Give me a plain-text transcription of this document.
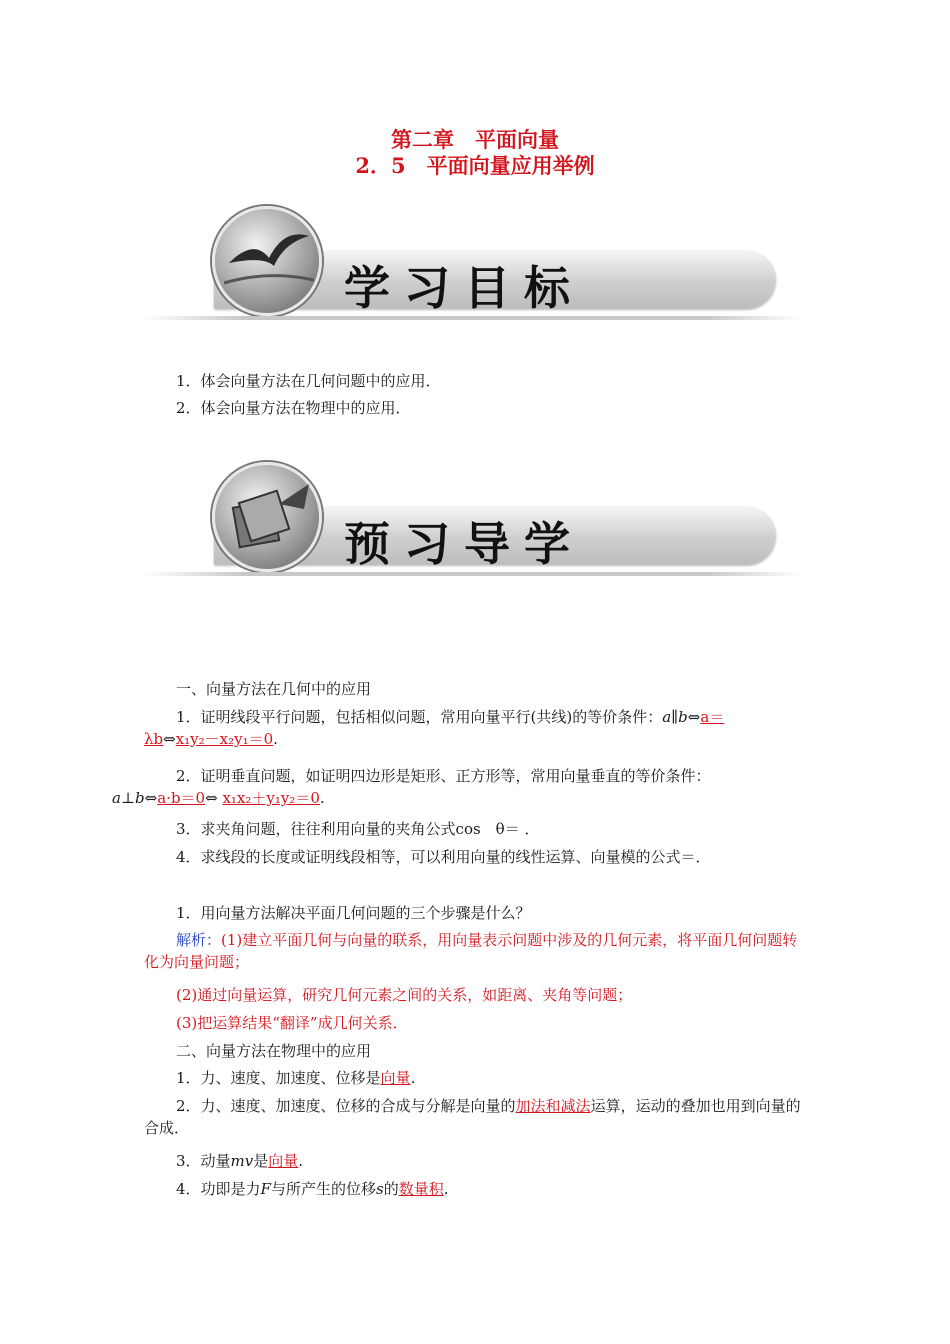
第二章　平面向量
2．5　平面向量应用举例
学习目标
1．体会向量方法在几何问题中的应用．
2．体会向量方法在物理中的应用．
预习导学
一、向量方法在几何中的应用
1．证明线段平行问题，包括相似问题，常用向量平行(共线)的等价条件：a∥b⇔a＝
λb⇔x₁y₂－x₂y₁＝0.
2．证明垂直问题，如证明四边形是矩形、正方形等，常用向量垂直的等价条件：
a⊥b⇔a·b＝0⇔ x₁x₂＋y₁y₂＝0.
3．求夹角问题，往往利用向量的夹角公式cos　θ＝ ．
4．求线段的长度或证明线段相等，可以利用向量的线性运算、向量模的公式＝．
1．用向量方法解决平面几何问题的三个步骤是什么？
解析：(1)建立平面几何与向量的联系，用向量表示问题中涉及的几何元素，将平面几何问题转化为向量问题；
(2)通过向量运算，研究几何元素之间的关系，如距离、夹角等问题；
(3)把运算结果“翻译”成几何关系．
二、向量方法在物理中的应用
1．力、速度、加速度、位移是向量.
2．力、速度、加速度、位移的合成与分解是向量的加法和减法运算，运动的叠加也用到向量的合成．
3．动量mv是向量.
4．功即是力F与所产生的位移s的数量积.
